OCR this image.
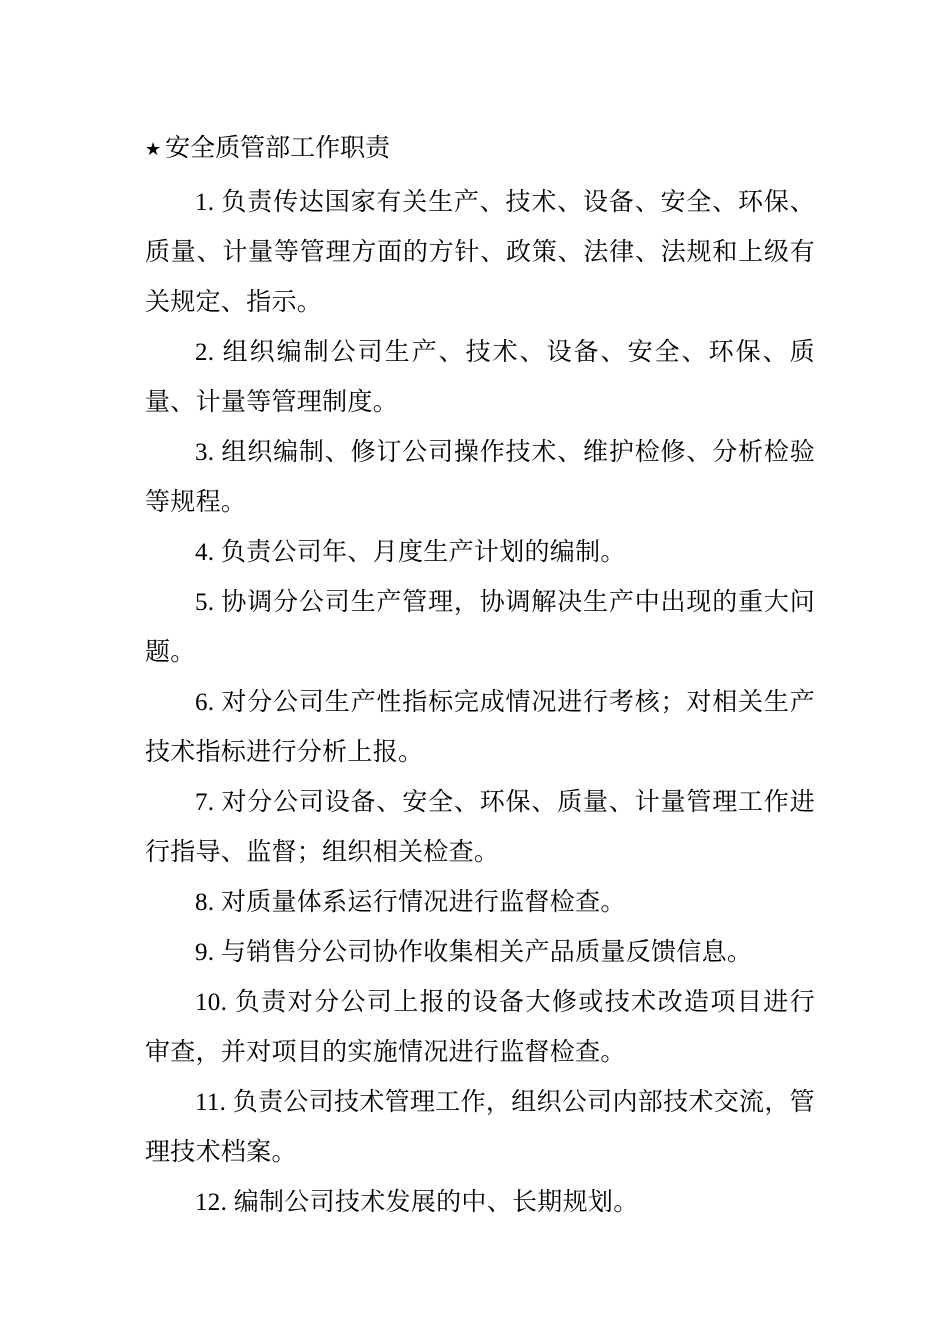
★ 安全质管部工作职责

1. 负责传达国家有关生产、技术、设备、安全、环保、质量、计量等管理方面的方针、政策、法律、法规和上级有关规定、指示。

2. 组织编制公司生产、技术、设备、安全、环保、质量、计量等管理制度。

3. 组织编制、修订公司操作技术、维护检修、分析检验等规程。

4. 负责公司年、月度生产计划的编制。

5. 协调分公司生产管理，协调解决生产中出现的重大问题。

6. 对分公司生产性指标完成情况进行考核；对相关生产技术指标进行分析上报。

7. 对分公司设备、安全、环保、质量、计量管理工作进行指导、监督；组织相关检查。

8. 对质量体系运行情况进行监督检查。

9. 与销售分公司协作收集相关产品质量反馈信息。

10. 负责对分公司上报的设备大修或技术改造项目进行审查，并对项目的实施情况进行监督检查。

11. 负责公司技术管理工作，组织公司内部技术交流，管理技术档案。

12. 编制公司技术发展的中、长期规划。
